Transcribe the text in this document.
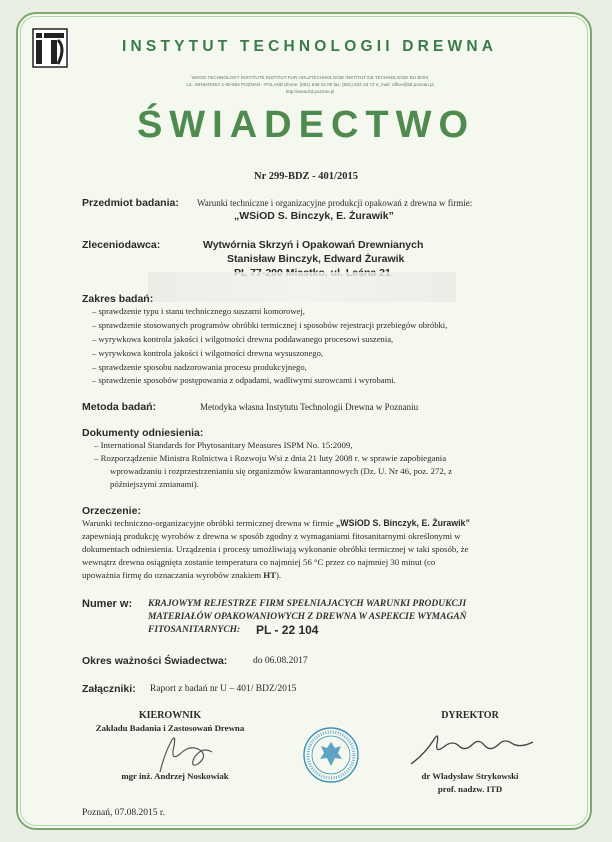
INSTYTUT TECHNOLOGII DREWNA
WOOD TECHNOLOGY INSTITUTE INSTITUT FUR HOLZTECHNOLOGIE INSTITUT DE TECHNOLOGIE DU BOIS
UL. WINIARSKA 1 60-654 POZNAŃ - POLAND phone: (061) 849 24 00 fax: (061) 822 43 72 e_mail: office@itd.poznan.pl
http://www.itd.poznan.pl
ŚWIADECTWO
Nr 299-BDZ - 401/2015
Przedmiot badania: Warunki techniczne i organizacyjne produkcji opakowań z drewna w firmie:
„WSiOD S. Binczyk, E. Żurawik”
Zleceniodawca:	Wytwórnia Skrzyń i Opakowań Drewnianych
Stanisław Binczyk, Edward Żurawik
Zakres badań:
– sprawdzenie typu i stanu technicznego suszarni komorowej,
– sprawdzenie stosowanych programów obróbki termicznej i sposobów rejestracji przebiegów obróbki,
– wyrywkowa kontrola jakości i wilgotności drewna poddawanego procesowi suszenia,
– wyrywkowa kontrola jakości i wilgotności drewna wysuszonego,
– sprawdzenie sposobu nadzorowania procesu produkcyjnego,
– sprawdzenie sposobów postępowania z odpadami, wadliwymi surowcami i wyrobami.
Metoda badań:	Metodyka własna Instytutu Technologii Drewna w Poznaniu
Dokumenty odniesienia:
– International Standards for Phytosanitary Measures ISPM No. 15:2009,
– Rozporządzenie Ministra Rolnictwa i Rozwoju Wsi z dnia 21 luty 2008 r. w sprawie zapobiegania
wprowadzaniu i rozprzestrzenianiu się organizmów kwarantannowych (Dz. U. Nr 46, poz. 272, z
późniejszymi zmianami).
Orzeczenie:
Warunki techniczno-organizacyjne obróbki termicznej drewna w firmie „WSiOD S. Binczyk, E. Żurawik”
zapewniają produkcję wyrobów z drewna w sposób zgodny z wymaganiami fitosanitarnymi określonymi w
dokumentach odniesienia. Urządzenia i procesy umożliwiają wykonanie obróbki termicznej w taki sposób, że
wewnątrz drewna osiągnięta zostanie temperatura co najmniej 56 °C przez co najmniej 30 minut (co
upoważnia firmę do oznaczania wyrobów znakiem HT).
Numer w: KRAJOWYM REJESTRZE FIRM SPEŁNIAJACYCH WARUNKI PRODUKCJI
MATERIAŁÓW OPAKOWANIOWYCH Z DREWNA W ASPEKCIE WYMAGAŃ
FITOSANITARNYCH: PL - 22 104
Okres ważności Świadectwa:	do 06.08.2017
Załączniki: Raport z badań nr U – 401/ BDZ/2015
KIEROWNIK
Zakładu Badania i Zastosowań Drewna
mgr inż. Andrzej Noskowiak
DYREKTOR
dr Władysław Strykowski
prof. nadzw. ITD
Poznań, 07.08.2015 r.
